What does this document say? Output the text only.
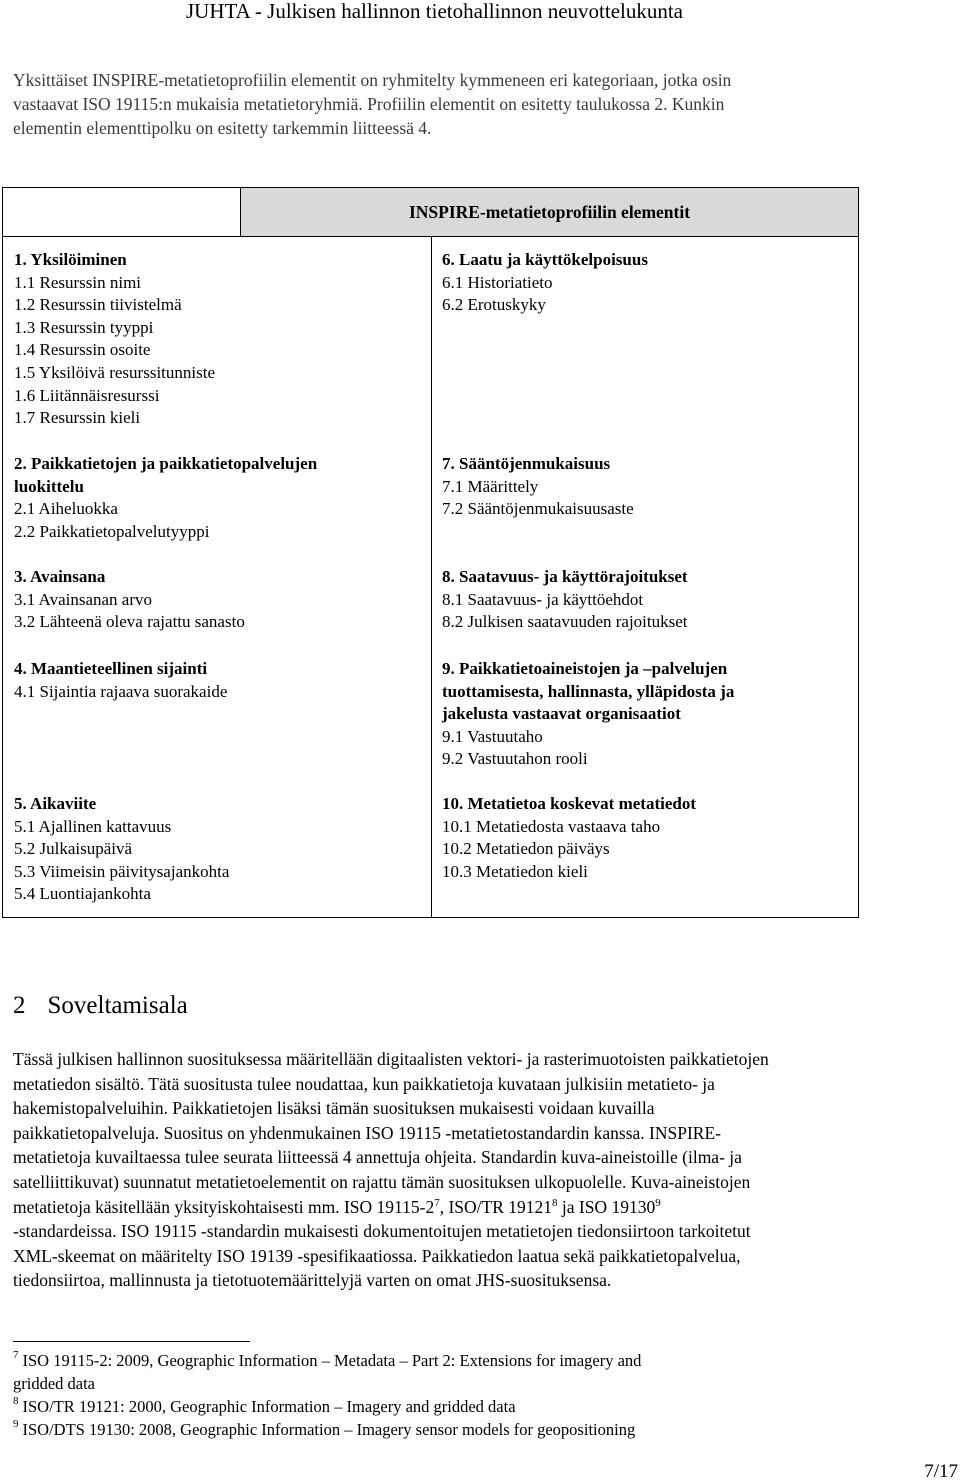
JUHTA - Julkisen hallinnon tietohallinnon neuvottelukunta
Yksittäiset INSPIRE-metatietoprofiilin elementit on ryhmitelty kymmeneen eri kategoriaan, jotka osin
vastaavat ISO 19115:n mukaisia metatietoryhmiä. Profiilin elementit on esitetty taulukossa 2. Kunkin
elementin elementtipolku on esitetty tarkemmin liitteessä 4.
INSPIRE-metatietoprofiilin elementit
1. Yksilöiminen
1.1 Resurssin nimi
1.2 Resurssin tiivistelmä
1.3 Resurssin tyyppi
1.4 Resurssin osoite
1.5 Yksilöivä resurssitunniste
1.6 Liitännäisresurssi
1.7 Resurssin kieli
2. Paikkatietojen ja paikkatietopalvelujen
luokittelu
2.1 Aiheluokka
2.2 Paikkatietopalvelutyyppi
3. Avainsana
3.1 Avainsanan arvo
3.2 Lähteenä oleva rajattu sanasto
4. Maantieteellinen sijainti
4.1 Sijaintia rajaava suorakaide
5. Aikaviite
5.1 Ajallinen kattavuus
5.2 Julkaisupäivä
5.3 Viimeisin päivitysajankohta
5.4 Luontiajankohta
6. Laatu ja käyttökelpoisuus
6.1 Historiatieto
6.2 Erotuskyky
7. Sääntöjenmukaisuus
7.1 Määrittely
7.2 Sääntöjenmukaisuusaste
8. Saatavuus- ja käyttörajoitukset
8.1 Saatavuus- ja käyttöehdot
8.2 Julkisen saatavuuden rajoitukset
9. Paikkatietoaineistojen ja –palvelujen
tuottamisesta, hallinnasta, ylläpidosta ja
jakelusta vastaavat organisaatiot
9.1 Vastuutaho
9.2 Vastuutahon rooli
10. Metatietoa koskevat metatiedot
10.1 Metatiedosta vastaava taho
10.2 Metatiedon päiväys
10.3 Metatiedon kieli
2 Soveltamisala
Tässä julkisen hallinnon suosituksessa määritellään digitaalisten vektori- ja rasterimuotoisten paikkatietojen
metatiedon sisältö. Tätä suositusta tulee noudattaa, kun paikkatietoja kuvataan julkisiin metatieto- ja
hakemistopalveluihin. Paikkatietojen lisäksi tämän suosituksen mukaisesti voidaan kuvailla
paikkatietopalveluja. Suositus on yhdenmukainen ISO 19115 -metatietostandardin kanssa. INSPIRE-
metatietoja kuvailtaessa tulee seurata liitteessä 4 annettuja ohjeita. Standardin kuva-aineistoille (ilma- ja
satelliittikuvat) suunnatut metatietoelementit on rajattu tämän suosituksen ulkopuolelle. Kuva-aineistojen
metatietoja käsitellään yksityiskohtaisesti mm. ISO $19115-2^7$, ISO/TR 19121$^8$ ja ISO 19130$^9$
-standardeissa. ISO 19115 -standardin mukaisesti dokumentoitujen metatietojen tiedonsiirtoon tarkoitetut
XML-skeemat on määritelty ISO 19139 -spesifikaatiossa. Paikkatiedon laatua sekä paikkatietopalvelua,
tiedonsiirtoa, mallinnusta ja tietotuotemäärittelyjä varten on omat JHS-suosituksensa.
$^7$ ISO 19115-2: 2009, Geographic Information – Metadata – Part 2: Extensions for imagery and
gridded data
$^8$ ISO/TR 19121: 2000, Geographic Information – Imagery and gridded data
$^9$ ISO/DTS 19130: 2008, Geographic Information – Imagery sensor models for geopositioning
7/17
